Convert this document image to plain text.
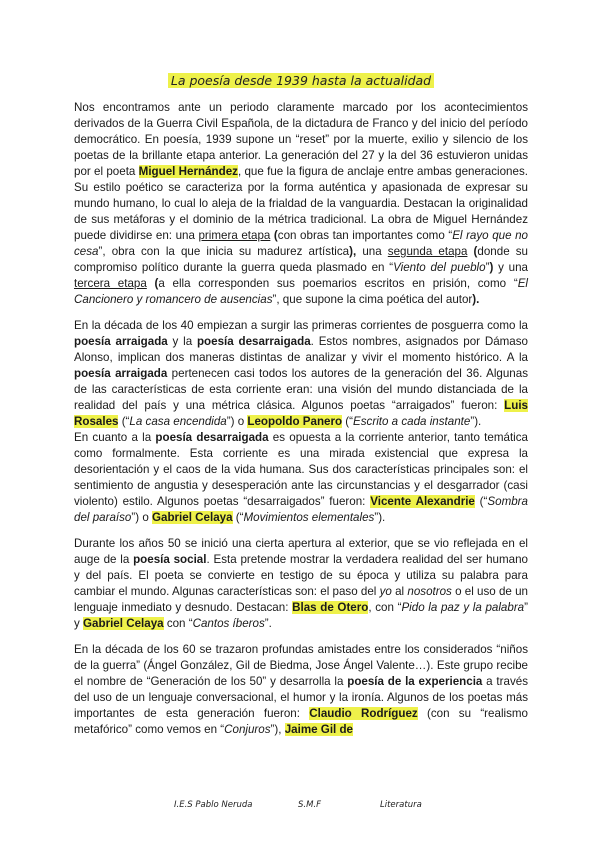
La poesía desde 1939 hasta la actualidad

Nos encontramos ante un periodo claramente marcado por los acontecimientos derivados de la Guerra Civil Española, de la dictadura de Franco y del inicio del período democrático. En poesía, 1939 supone un “reset” por la muerte, exilio y silencio de los poetas de la brillante etapa anterior. La generación del 27 y la del 36 estuvieron unidas por el poeta Miguel Hernández, que fue la figura de anclaje entre ambas generaciones. Su estilo poético se caracteriza por la forma auténtica y apasionada de expresar su mundo humano, lo cual lo aleja de la frialdad de la vanguardia. Destacan la originalidad de sus metáforas y el dominio de la métrica tradicional. La obra de Miguel Hernández puede dividirse en: una primera etapa (con obras tan importantes como “El rayo que no cesa”, obra con la que inicia su madurez artística), una segunda etapa (donde su compromiso político durante la guerra queda plasmado en “Viento del pueblo”) y una tercera etapa (a ella corresponden sus poemarios escritos en prisión, como “El Cancionero y romancero de ausencias”, que supone la cima poética del autor).

En la década de los 40 empiezan a surgir las primeras corrientes de posguerra como la poesía arraigada y la poesía desarraigada. Estos nombres, asignados por Dámaso Alonso, implican dos maneras distintas de analizar y vivir el momento histórico. A la poesía arraigada pertenecen casi todos los autores de la generación del 36. Algunas de las características de esta corriente eran: una visión del mundo distanciada de la realidad del país y una métrica clásica. Algunos poetas “arraigados” fueron: Luis Rosales (“La casa encendida”) o Leopoldo Panero (“Escrito a cada instante”).

En cuanto a la poesía desarraigada es opuesta a la corriente anterior, tanto temática como formalmente. Esta corriente es una mirada existencial que expresa la desorientación y el caos de la vida humana. Sus dos características principales son: el sentimiento de angustia y desesperación ante las circunstancias y el desgarrador (casi violento) estilo. Algunos poetas “desarraigados” fueron: Vicente Alexandrie (“Sombra del paraíso”) o Gabriel Celaya (“Movimientos elementales”).

Durante los años 50 se inició una cierta apertura al exterior, que se vio reflejada en el auge de la poesía social. Esta pretende mostrar la verdadera realidad del ser humano y del país. El poeta se convierte en testigo de su época y utiliza su palabra para cambiar el mundo. Algunas características son: el paso del yo al nosotros o el uso de un lenguaje inmediato y desnudo. Destacan: Blas de Otero, con “Pido la paz y la palabra” y Gabriel Celaya con “Cantos íberos”.

En la década de los 60 se trazaron profundas amistades entre los considerados “niños de la guerra” (Ángel González, Gil de Biedma, Jose Ángel Valente…). Este grupo recibe el nombre de “Generación de los 50” y desarrolla la poesía de la experiencia a través del uso de un lenguaje conversacional, el humor y la ironía. Algunos de los poetas más importantes de esta generación fueron: Claudio Rodríguez (con su “realismo metafórico” como vemos en “Conjuros”), Jaime Gil de

I.E.S Pablo Neruda	S.M.F	Literatura
